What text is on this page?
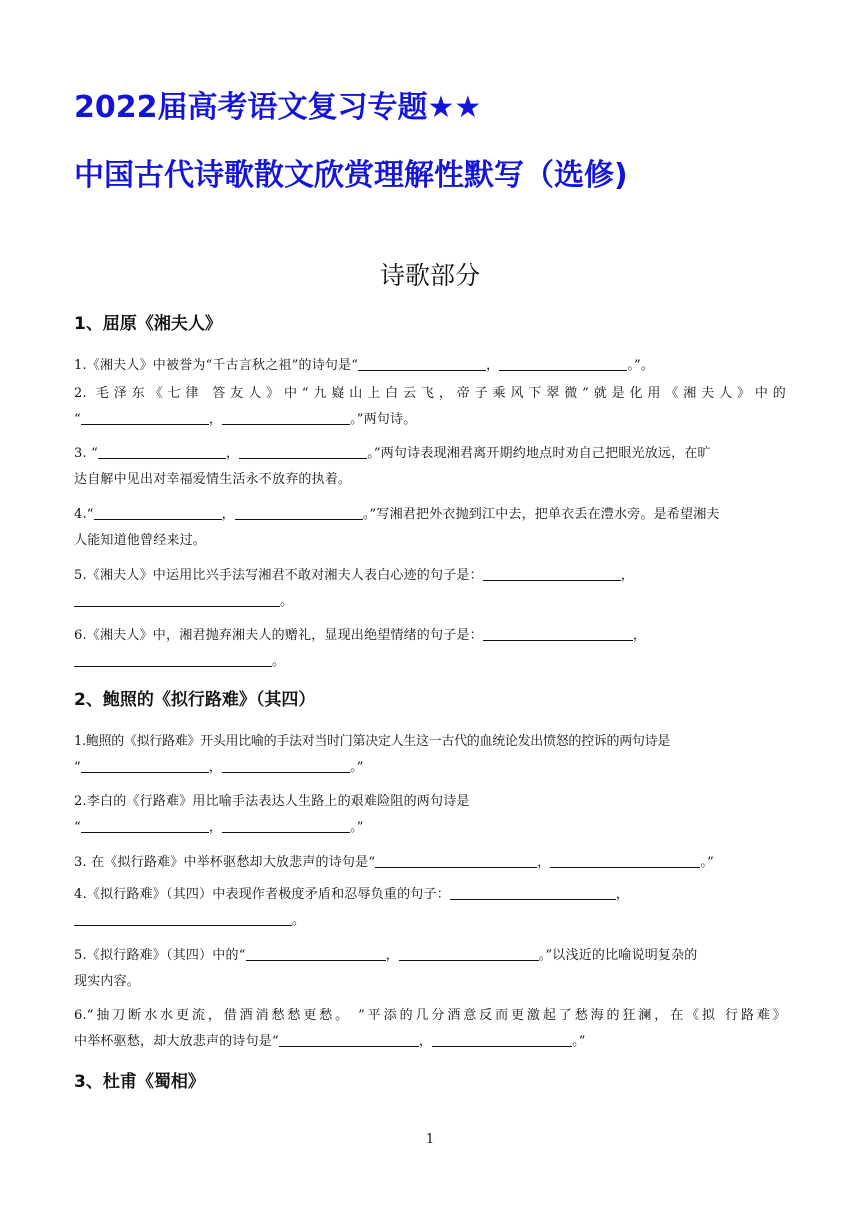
2022届高考语文复习专题★★
中国古代诗歌散文欣赏理解性默写（选修)
诗歌部分
1、屈原《湘夫人》
1.《湘夫人》中被誉为“千古言秋之祖”的诗句是“	，	。”。
2. 毛泽东《七律 答友人》中“九嶷山上白云飞，帝子乘风下翠微”就是化用《湘夫人》中的
“	，	。”两句诗。
3. “	，	。”两句诗表现湘君离开期约地点时劝自己把眼光放远，在旷
达自解中见出对幸福爱情生活永不放弃的执着。
4.“	，	。”写湘君把外衣抛到江中去，把单衣丢在澧水旁。是希望湘夫
人能知道他曾经来过。
5.《湘夫人》中运用比兴手法写湘君不敢对湘夫人表白心迹的句子是：	，
。
6.《湘夫人》中，湘君抛弃湘夫人的赠礼，显现出绝望情绪的句子是：	，
。
2、鲍照的《拟行路难》（其四）
1.鲍照的《拟行路难》开头用比喻的手法对当时门第决定人生这一古代的血统论发出愤怒的控诉的两句诗是
“	，	。”
2.李白的《行路难》用比喻手法表达人生路上的艰难险阻的两句诗是
“	，	。”
3. 在《拟行路难》中举杯驱愁却大放悲声的诗句是“	，	。”
4.《拟行路难》（其四）中表现作者极度矛盾和忍辱负重的句子：	，
。
5.《拟行路难》（其四）中的“	，	。”以浅近的比喻说明复杂的
现实内容。
6.“抽刀断水水更流，借酒消愁愁更愁。 ”平添的几分酒意反而更激起了愁海的狂澜，在《拟 行路难》
中举杯驱愁，却大放悲声的诗句是“	，	。”
3、杜甫《蜀相》

1
